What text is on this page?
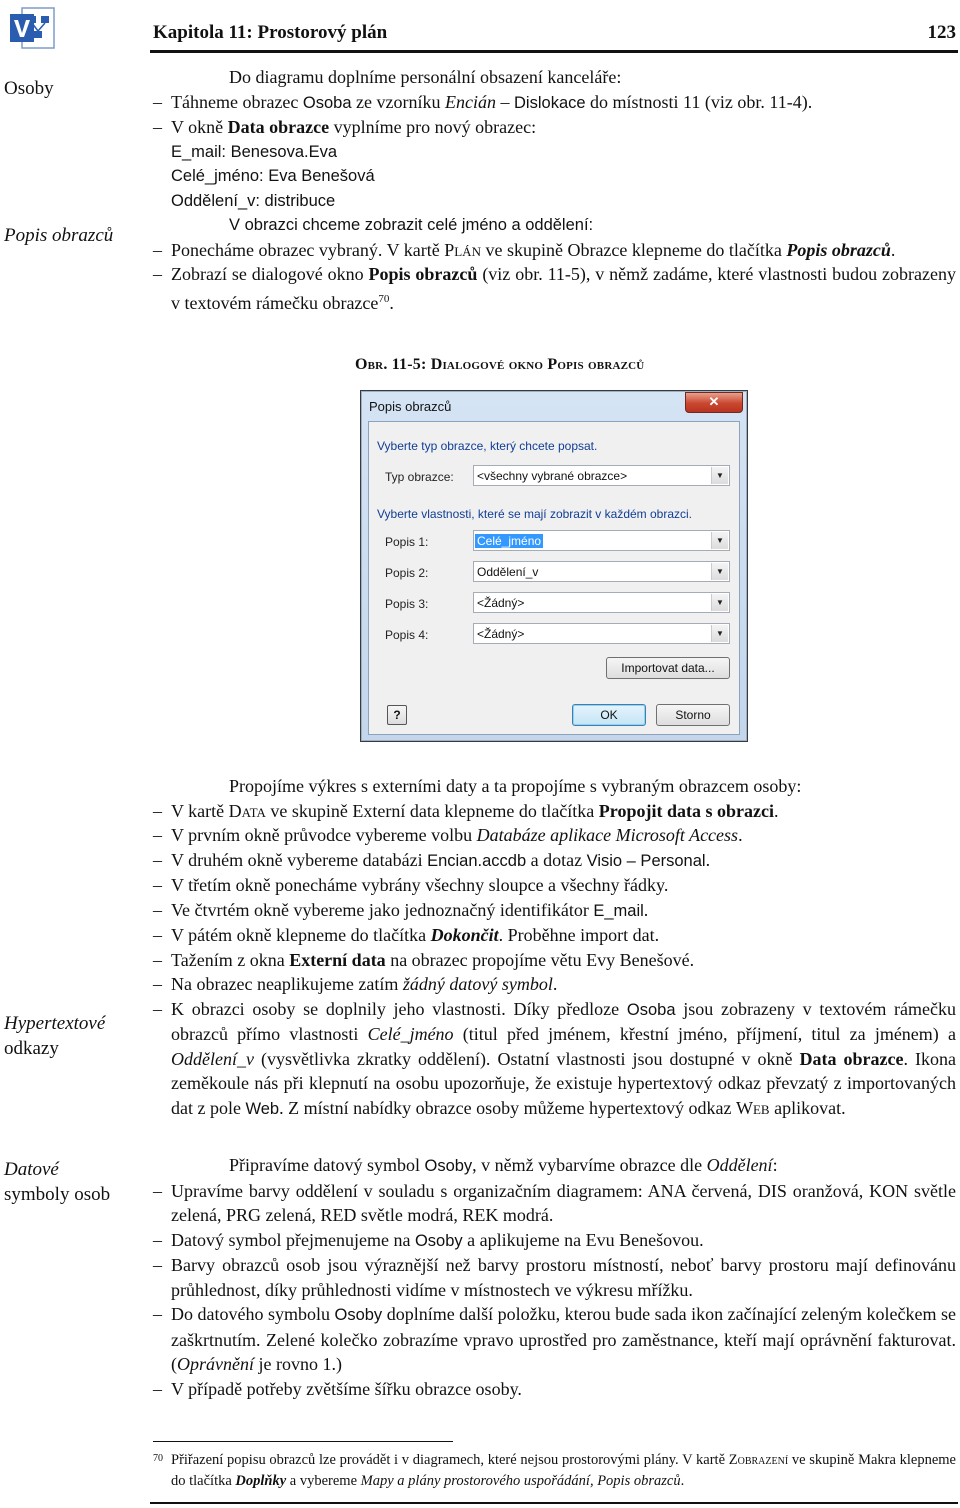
Kapitola 11: Prostorový plán	123
Osoby
Popis obrazců
Hypertextové
odkazy
Datové
symboly osob

Do diagramu doplníme personální obsazení kanceláře:

– Táhneme obrazec Osoba ze vzorníku Encián – Dislokace do místnosti 11 (viz obr. 11-4).

– V okně Data obrazce vyplníme pro nový obrazec:

E_mail: Benesova.Eva

Celé_jméno: Eva Benešová

Oddělení_v: distribuce

V obrazci chceme zobrazit celé jméno a oddělení:

– Ponecháme obrazec vybraný. V kartě Plán ve skupině Obrazce klepneme do tlačítka Popis obrazců.

– Zobrazí se dialogové okno Popis obrazců (viz obr. 11-5), v němž zadáme, které vlastnosti budou zobrazeny v textovém rámečku obrazce$^{70}$.

Obr. 11-5: Dialogové okno Popis obrazců
Popis obrazců	✕
Vyberte typ obrazce, který chcete popsat.
Typ obrazce: <všechny vybrané obrazce>	▼
Vyberte vlastnosti, které se mají zobrazit v každém obrazci.
Popis 1:	Celé_jméno	▼
Popis 2:	Oddělení_v	▼
Popis 3:	<Žádný>	▼
Popis 4:	<Žádný>	▼
Importovat data...
?	OK	Storno

Propojíme výkres s externími daty a ta propojíme s vybraným obrazcem osoby:

– V kartě Data ve skupině Externí data klepneme do tlačítka Propojit data s obrazci.

– V prvním okně průvodce vybereme volbu Databáze aplikace Microsoft Access.

– V druhém okně vybereme databázi Encian.accdb a dotaz Visio – Personal.

– V třetím okně ponecháme vybrány všechny sloupce a všechny řádky.

– Ve čtvrtém okně vybereme jako jednoznačný identifikátor E_mail.

– V pátém okně klepneme do tlačítka Dokončit. Proběhne import dat.

– Tažením z okna Externí data na obrazec propojíme větu Evy Benešové.

– Na obrazec neaplikujeme zatím žádný datový symbol.

– K obrazci osoby se doplnily jeho vlastnosti. Díky předloze Osoba jsou zobrazeny v textovém rámečku obrazců přímo vlastnosti Celé_jméno (titul před jménem, křestní jméno, příjmení, titul za jménem) a Oddělení_v (vysvětlivka zkratky oddělení). Ostatní vlastnosti jsou dostupné v okně Data obrazce. Ikona zeměkoule nás při klepnutí na osobu upozorňuje, že existuje hypertextový odkaz převzatý z importovaných dat z pole Web. Z místní nabídky obrazce osoby můžeme hypertextový odkaz Web aplikovat.

Připravíme datový symbol Osoby, v němž vybarvíme obrazce dle Oddělení:

– Upravíme barvy oddělení v souladu s organizačním diagramem: ANA červená, DIS oranžová, KON světle zelená, PRG zelená, RED světle modrá, REK modrá.

– Datový symbol přejmenujeme na Osoby a aplikujeme na Evu Benešovou.

– Barvy obrazců osob jsou výraznější než barvy prostoru místností, neboť barvy prostoru mají definovánu průhlednost, díky průhlednosti vidíme v místnostech ve výkresu mřížku.

– Do datového symbolu Osoby doplníme další položku, kterou bude sada ikon začínající zeleným kolečkem se zaškrtnutím. Zelené kolečko zobrazíme vpravo uprostřed pro zaměstnance, kteří mají oprávnění fakturovat. (Oprávnění je rovno 1.)

– V případě potřeby zvětšíme šířku obrazce osoby.

70 Přiřazení popisu obrazců lze provádět i v diagramech, které nejsou prostorovými plány. V kartě Zobrazení ve skupině Makra klepneme do tlačítka Doplňky a vybereme Mapy a plány prostorového uspořádání, Popis obrazců.
